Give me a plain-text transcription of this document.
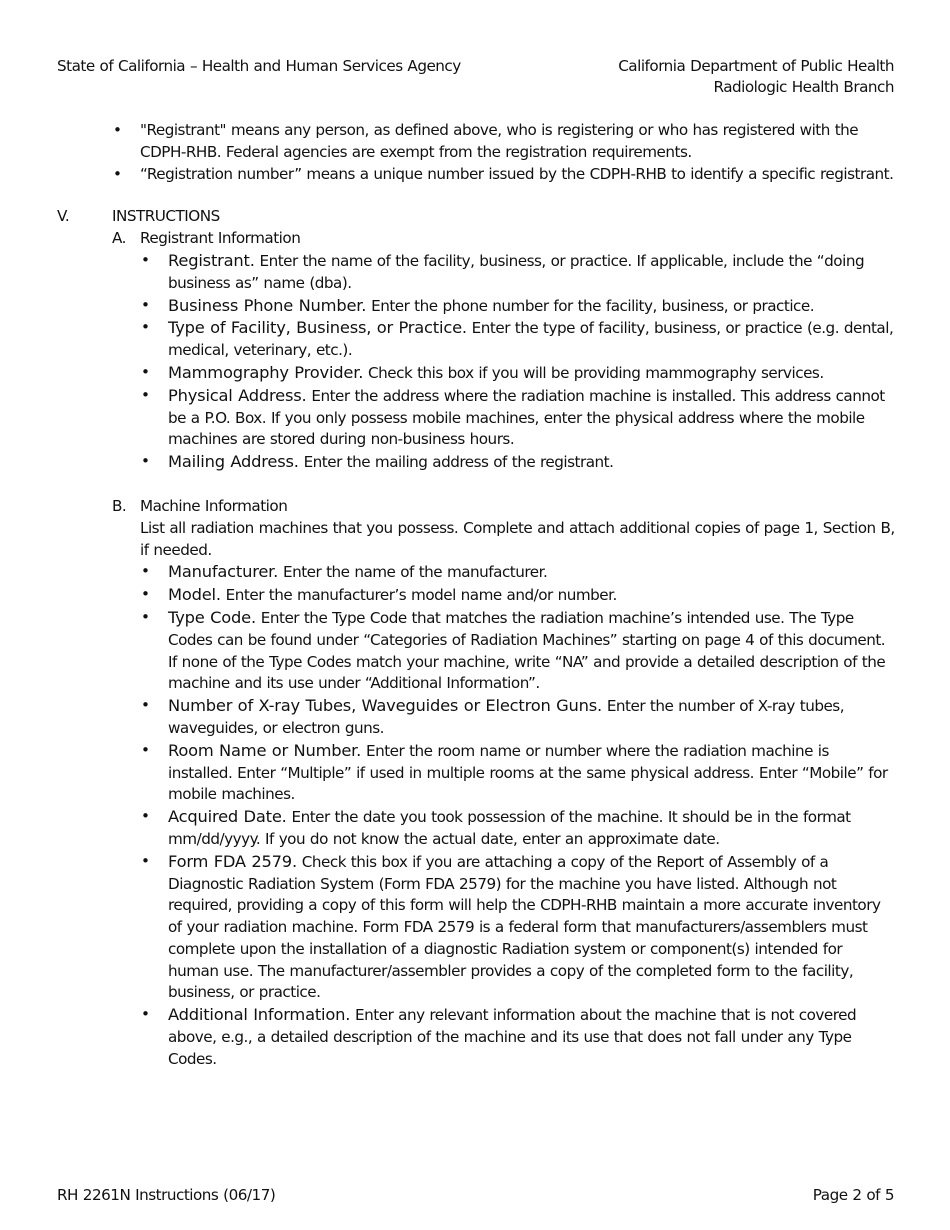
State of California – Health and Human Services Agency	California Department of Public Health
Radiologic Health Branch
• "Registrant" means any person, as defined above, who is registering or who has registered with the CDPH-RHB. Federal agencies are exempt from the registration requirements.
• “Registration number” means a unique number issued by the CDPH-RHB to identify a specific registrant.
V.	INSTRUCTIONS
A. Registrant Information
• Registrant. Enter the name of the facility, business, or practice. If applicable, include the “doing business as” name (dba).
• Business Phone Number. Enter the phone number for the facility, business, or practice.
• Type of Facility, Business, or Practice. Enter the type of facility, business, or practice (e.g. dental, medical, veterinary, etc.).
• Mammography Provider. Check this box if you will be providing mammography services.
• Physical Address. Enter the address where the radiation machine is installed. This address cannot be a P.O. Box. If you only possess mobile machines, enter the physical address where the mobile machines are stored during non-business hours.
• Mailing Address. Enter the mailing address of the registrant.
B. Machine Information
List all radiation machines that you possess. Complete and attach additional copies of page 1, Section B, if needed.
• Manufacturer. Enter the name of the manufacturer.
• Model. Enter the manufacturer’s model name and/or number.
• Type Code. Enter the Type Code that matches the radiation machine’s intended use. The Type Codes can be found under “Categories of Radiation Machines” starting on page 4 of this document. If none of the Type Codes match your machine, write “NA” and provide a detailed description of the machine and its use under “Additional Information”.
• Number of X-ray Tubes, Waveguides or Electron Guns. Enter the number of X-ray tubes, waveguides, or electron guns.
• Room Name or Number. Enter the room name or number where the radiation machine is installed. Enter “Multiple” if used in multiple rooms at the same physical address. Enter “Mobile” for mobile machines.
• Acquired Date. Enter the date you took possession of the machine. It should be in the format mm/dd/yyyy. If you do not know the actual date, enter an approximate date.
• Form FDA 2579. Check this box if you are attaching a copy of the Report of Assembly of a Diagnostic Radiation System (Form FDA 2579) for the machine you have listed. Although not required, providing a copy of this form will help the CDPH-RHB maintain a more accurate inventory of your radiation machine. Form FDA 2579 is a federal form that manufacturers/assemblers must complete upon the installation of a diagnostic Radiation system or component(s) intended for human use. The manufacturer/assembler provides a copy of the completed form to the facility, business, or practice.
• Additional Information. Enter any relevant information about the machine that is not covered above, e.g., a detailed description of the machine and its use that does not fall under any Type Codes.
RH 2261N Instructions (06/17)	Page 2 of 5
